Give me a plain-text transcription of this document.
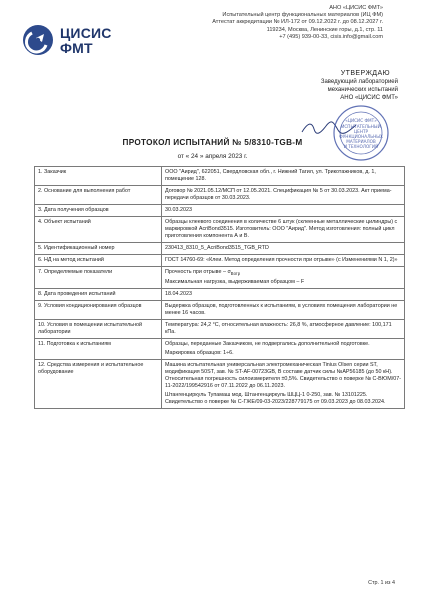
ЦИСИС
ФМТ
АНО «ЦИСИС ФМТ»
Испытательный центр функциональных материалов (ИЦ ФМ)
Аттестат аккредитации № ИЛ-172 от 09.12.2022 г. до 08.12.2027 г.
119234, Москва, Ленинские горы, д.1, стр. 11
+7 (495) 939-00-33, cisis.info@gmail.com
УТВЕРЖДАЮ
Заведующий лабораторией
механических испытаний
АНО «ЦИСИС ФМТ»
«ЦИСИС ФМТ»
ИСПЫТАТЕЛЬНЫЙ
ЦЕНТР
ФУНКЦИОНАЛЬНЫХ
МАТЕРИАЛОВ
И ТЕХНОЛОГИЙ
ПРОТОКОЛ ИСПЫТАНИЙ № 5/8310-TGB-M
от « 24 » апреля 2023 г.
1. Заказчик	ООО "Аирид", 622051, Свердловская обл., г. Нижний Тагил, ул. Трикотажников, д. 1, помещение 128.

2. Основание для выполнения работ	Договор № 2021.05.12/МСП от 12.05.2021. Спецификация № 5 от 30.03.2023. Акт приема-передачи образцов от 30.03.2023.

3. Дата получения образцов	30.03.2023

4. Объект испытаний	Образцы клеевого соединения в количестве 6 штук (склеенные металлические цилиндры) с маркировкой AcriBond3515. Изготовитель: ООО "Аирид". Метод изготовления: полный цикл приготовления компонента А и В.

5. Идентификационный номер	230413_8310_5_AcriBond3515_TGB_RTD

6. НД на метод испытаний	ГОСТ 14760-69: «Клеи. Метод определения прочности при отрыве» (с Изменениями N 1, 2)»

7. Определяемые показатели	Прочность при отрыве – $\sigma_{Вотр}$
Максимальная нагрузка, выдерживаемая образцом – F

8. Дата проведения испытаний	18.04.2023

9. Условия кондиционирования образцов	Выдержка образцов, подготовленных к испытаниям, в условиях помещения лаборатории не менее 16 часов.

10. Условия в помещении испытательной лаборатории	Температура: 24,2 °С, относительная влажность: 26,8 %, атмосферное давление: 100,171 кПа.

11. Подготовка к испытаниям	Образцы, переданные Заказчиком, не подвергались дополнительной подготовке.
Маркировка образцов: 1÷6.

12. Средства измерения и испытательное оборудование	Машина испытательная универсальная электромеханическая Tinius Olsen серии ST, модификация 50ST, зав. № ST-AF-00723GB, В составе датчик силы №AP56185 (до 50 кН). Относительная погрешность силоизмерителя ±0,5%. Свидетельство о поверке № С-ВЮМ/07-11-2022/199542916 от 07.11.2022 до 06.11.2023.
Штангенциркуль Тупамаш мод. Штангенциркуль ШЦЦ-1 0-250, зав. № 13101225. Свидетельство о поверке № С-ГЖЕ/09-03-2023/228779175 от 09.03.2023 до 08.03.2024.
Стр. 1 из 4
